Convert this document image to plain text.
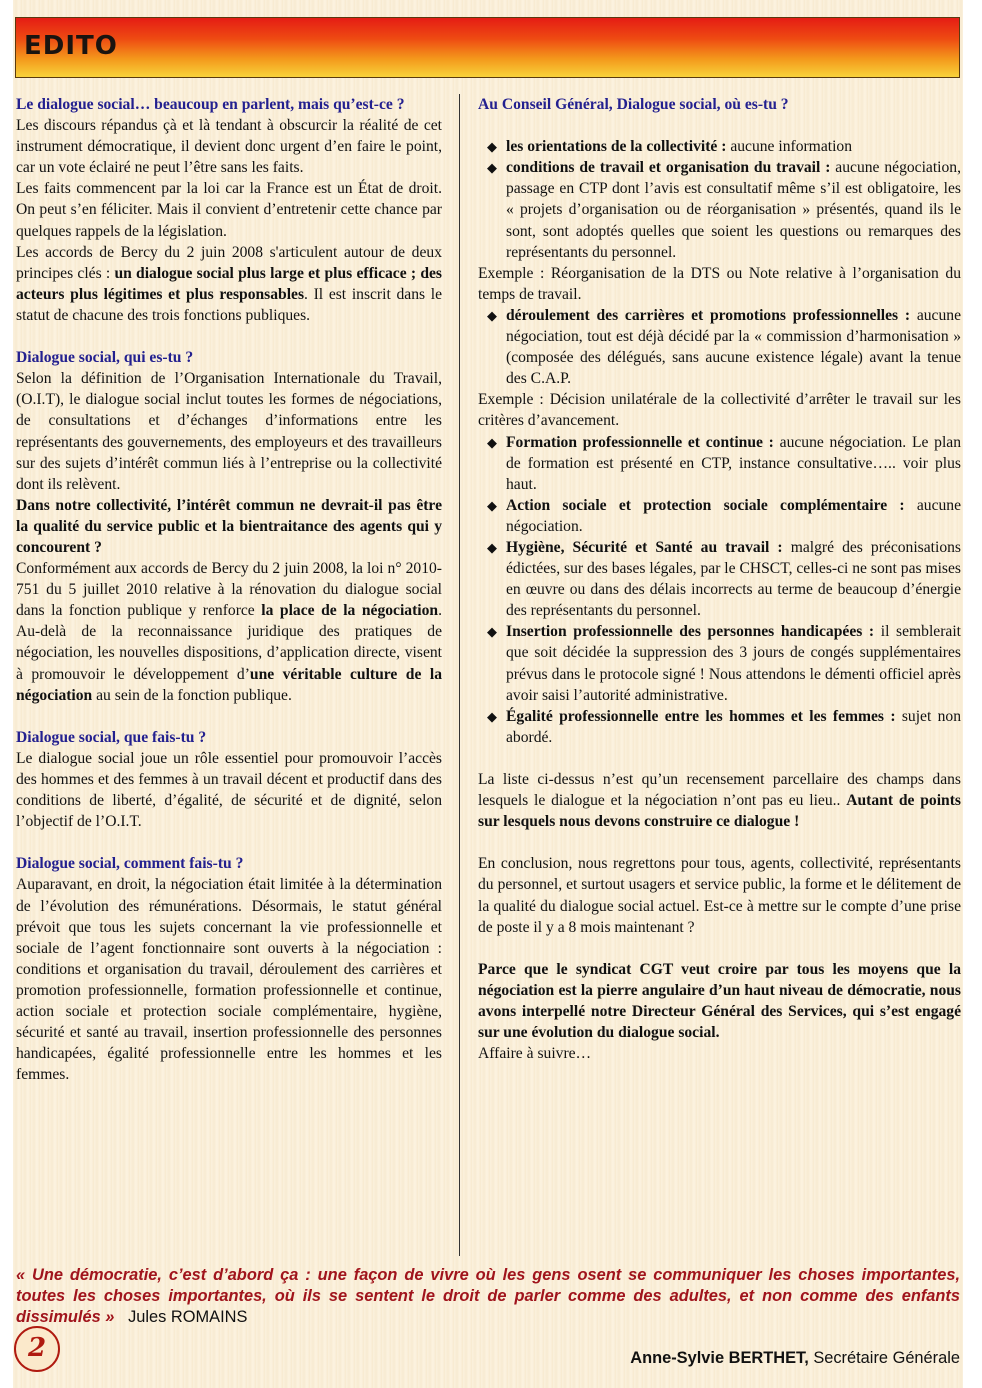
EDITO
Le dialogue social… beaucoup en parlent, mais qu’est-ce ?

Les discours répandus çà et là tendant à obscurcir la réalité de cet instrument démocratique, il devient donc urgent d’en faire le point, car un vote éclairé ne peut l’être sans les faits.

Les faits commencent par la loi car la France est un État de droit. On peut s’en féliciter. Mais il convient d’entretenir cette chance par quelques rappels de la législation.

Les accords de Bercy du 2 juin 2008 s'articulent autour de deux principes clés : un dialogue social plus large et plus efficace ; des acteurs plus légitimes et plus responsables. Il est inscrit dans le statut de chacune des trois fonctions publiques.

Dialogue social, qui es-tu ?

Selon la définition de l’Organisation Internationale du Travail, (O.I.T), le dialogue social inclut toutes les formes de négociations, de consultations et d’échanges d’informations entre les représentants des gouvernements, des employeurs et des travailleurs sur des sujets d’intérêt commun liés à l’entreprise ou la collectivité dont ils relèvent.

Dans notre collectivité, l’intérêt commun ne devrait-il pas être la qualité du service public et la bientraitance des agents qui y concourent ?

Conformément aux accords de Bercy du 2 juin 2008, la loi n° 2010-751 du 5 juillet 2010 relative à la rénovation du dialogue social dans la fonction publique y renforce la place de la négociation. Au-delà de la reconnaissance juridique des pratiques de négociation, les nouvelles dispositions, d’application directe, visent à promouvoir le développement d’une véritable culture de la négociation au sein de la fonction publique.

Dialogue social, que fais-tu ?

Le dialogue social joue un rôle essentiel pour promouvoir l’accès des hommes et des femmes à un travail décent et productif dans des conditions de liberté, d’égalité, de sécurité et de dignité, selon l’objectif de l’O.I.T.

Dialogue social, comment fais-tu ?

Auparavant, en droit, la négociation était limitée à la détermination de l’évolution des rémunérations. Désormais, le statut général prévoit que tous les sujets concernant la vie professionnelle et sociale de l’agent fonctionnaire sont ouverts à la négociation : conditions et organisation du travail, déroulement des carrières et promotion professionnelle, formation professionnelle et continue, action sociale et protection sociale complémentaire, hygiène, sécurité et santé au travail, insertion professionnelle des personnes handicapées, égalité professionnelle entre les hommes et les femmes.

Au Conseil Général, Dialogue social, où es-tu ?
◆ les orientations de la collectivité : aucune information
◆ conditions de travail et organisation du travail : aucune négociation, passage en CTP dont l’avis est consultatif même s’il est obligatoire, les « projets d’organisation ou de réorganisation » présentés, quand ils le sont, sont adoptés quelles que soient les questions ou remarques des représentants du personnel.

Exemple : Réorganisation de la DTS ou Note relative à l’organisation du temps de travail.

◆ déroulement des carrières et promotions professionnelles : aucune négociation, tout est déjà décidé par la « commission d’harmonisation » (composée des délégués, sans aucune existence légale) avant la tenue des C.A.P.

Exemple : Décision unilatérale de la collectivité d’arrêter le travail sur les critères d’avancement.

◆ Formation professionnelle et continue : aucune négociation. Le plan de formation est présenté en CTP, instance consultative….. voir plus haut.
◆ Action sociale et protection sociale complémentaire : aucune négociation.
◆ Hygiène, Sécurité et Santé au travail : malgré des préconisations édictées, sur des bases légales, par le CHSCT, celles-ci ne sont pas mises en œuvre ou dans des délais incorrects au terme de beaucoup d’énergie des représentants du personnel.
◆ Insertion professionnelle des personnes handicapées : il semblerait que soit décidée la suppression des 3 jours de congés supplémentaires prévus dans le protocole signé ! Nous attendons le démenti officiel après avoir saisi l’autorité administrative.
◆ Égalité professionnelle entre les hommes et les femmes : sujet non abordé.

La liste ci-dessus n’est qu’un recensement parcellaire des champs dans lesquels le dialogue et la négociation n’ont pas eu lieu.. Autant de points sur lesquels nous devons construire ce dialogue !

En conclusion, nous regrettons pour tous, agents, collectivité, représentants du personnel, et surtout usagers et service public, la forme et le délitement de la qualité du dialogue social actuel. Est-ce à mettre sur le compte d’une prise de poste il y a 8 mois maintenant ?

Parce que le syndicat CGT veut croire par tous les moyens que la négociation est la pierre angulaire d’un haut niveau de démocratie, nous avons interpellé notre Directeur Général des Services, qui s’est engagé sur une évolution du dialogue social.

Affaire à suivre…

« Une démocratie, c’est d’abord ça : une façon de vivre où les gens osent se communiquer les choses importantes, toutes les choses importantes, où ils se sentent le droit de parler comme des adultes, et non comme des enfants dissimulés » Jules ROMAINS
2	Anne-Sylvie BERTHET, Secrétaire Générale
